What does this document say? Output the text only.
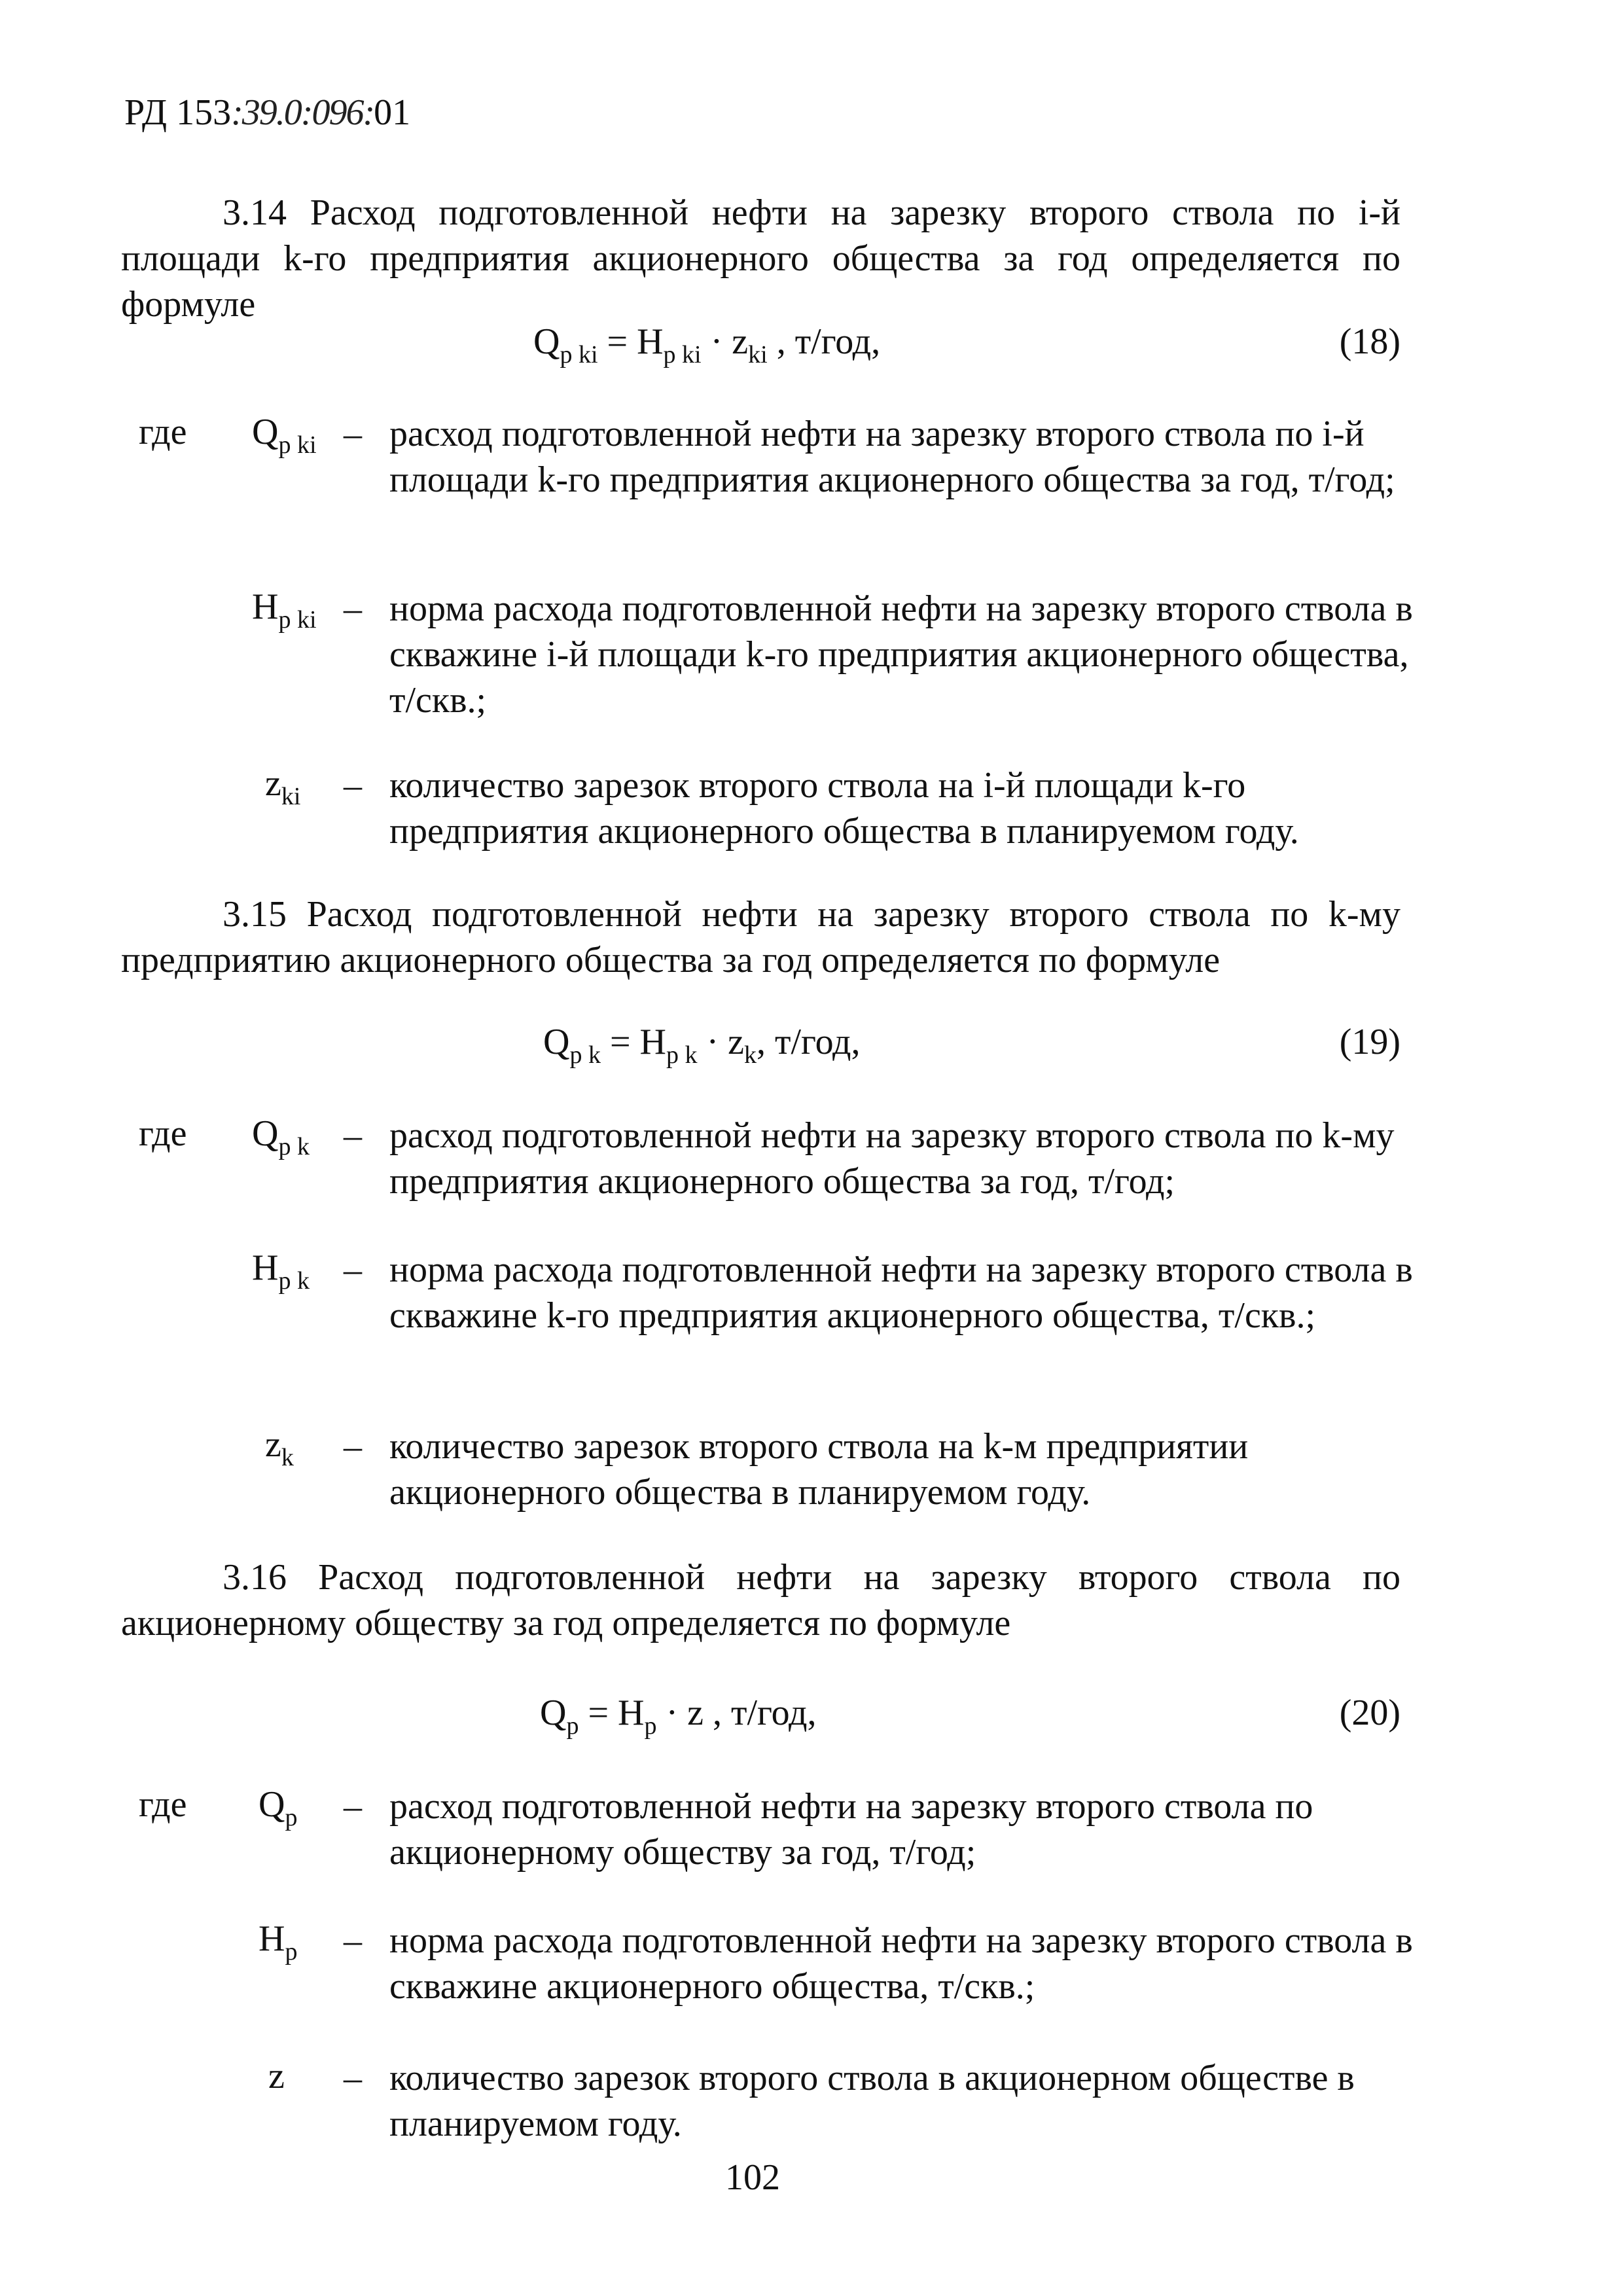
РД 153:39.0:096:01
3.14 Расход подготовленной нефти на зарезку второго ствола по i-й площади k-го предприятия акционерного общества за год определяется по формуле
$Q_{p ki} = H_{p ki} \cdot z_{ki}$ , т/год,	(18)
где $Q_{p ki}$ – расход подготовленной нефти на зарезку второго ствола по i-й площади k-го предприятия акционерного общества за год, т/год;
$H_{p ki}$ – норма расхода подготовленной нефти на зарезку второго ствола в скважине i-й площади k-го предприятия акционерного общества, т/скв.;
$z_{ki}$ – количество зарезок второго ствола на i-й площади k-го предприятия акционерного общества в планируемом году.
3.15 Расход подготовленной нефти на зарезку второго ствола по k-му предприятию акционерного общества за год определяется по формуле
$Q_{p k} = H_{p k} \cdot z_k$, т/год,	(19)
где $Q_{p k}$ – расход подготовленной нефти на зарезку второго ствола по k-му предприятия акционерного общества за год, т/год;
$H_{p k}$ – норма расхода подготовленной нефти на зарезку второго ствола в скважине k-го предприятия акционерного общества, т/скв.;
$z_k$ – количество зарезок второго ствола на k-м предприятии акционерного общества в планируемом году.
3.16 Расход подготовленной нефти на зарезку второго ствола по акционерному обществу за год определяется по формуле
$Q_p = H_p \cdot z$ , т/год,	(20)
где $Q_p$ – расход подготовленной нефти на зарезку второго ствола по акционерному обществу за год, т/год;
$H_p$ – норма расхода подготовленной нефти на зарезку второго ствола в скважине акционерного общества, т/скв.;
z – количество зарезок второго ствола в акционерном обществе в планируемом году.
102
